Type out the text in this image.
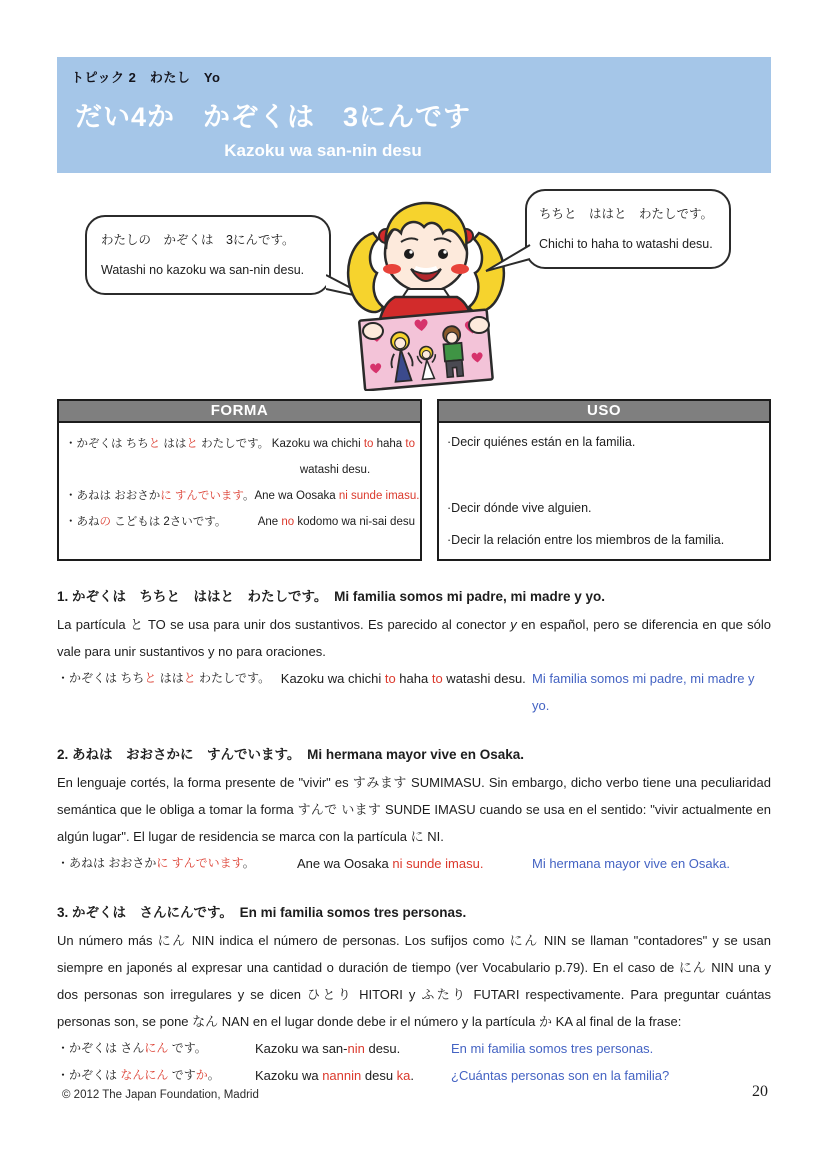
トピック 2　わたし　Yo
だい4か　かぞくは　3にんです
Kazoku wa san-nin desu
わたしの　かぞくは　3にんです。
Watashi no kazoku wa san-nin desu.
ちちと　ははと　わたしです。
Chichi to haha to watashi desu.
FORMA
・かぞくは ちちと ははと わたしです。 Kazoku wa chichi to haha to
watashi desu.
・あねは おおさかに すんでいます。 Ane wa Oosaka ni sunde imasu.
・あねの こどもは 2さいです。	Ane no kodomo wa ni-sai desu
USO
·Decir quiénes están en la familia.
·Decir dónde vive alguien.
·Decir la relación entre los miembros de la familia.
1. かぞくは　ちちと　ははと　わたしです。　Mi familia somos mi padre, mi madre y yo.
La partícula と TO se usa para unir dos sustantivos. Es parecido al conector y en español, pero se diferencia en que sólo vale para unir sustantivos y no para oraciones.
・かぞくは ちちと ははと わたしです。 Kazoku wa chichi to haha to watashi desu. Mi familia somos mi padre, mi madre y yo.
2. あねは　おおさかに　すんでいます。　Mi hermana mayor vive en Osaka.
En lenguaje cortés, la forma presente de "vivir" es すみます SUMIMASU. Sin embargo, dicho verbo tiene una peculiaridad semántica que le obliga a tomar la forma すんで います SUNDE IMASU cuando se usa en el sentido: "vivir actualmente en algún lugar". El lugar de residencia se marca con la partícula に NI.
・あねは おおさかに すんでいます。	Ane wa Oosaka ni sunde imasu.	Mi hermana mayor vive en Osaka.
3. かぞくは　さんにんです。　En mi familia somos tres personas.
Un número más にん NIN indica el número de personas. Los sufijos como にん NIN se llaman "contadores" y se usan siempre en japonés al expresar una cantidad o duración de tiempo (ver Vocabulario p.79). En el caso de にん NIN una y dos personas son irregulares y se dicen ひとり HITORI y ふたり FUTARI respectivamente. Para preguntar cuántas personas son, se pone なん NAN en el lugar donde debe ir el número y la partícula か KA al final de la frase:
・かぞくは さんにん です。	Kazoku wa san-nin desu.	En mi familia somos tres personas.
・かぞくは なんにん ですか。	Kazoku wa nannin desu ka.	¿Cuántas personas son en la familia?
© 2012 The Japan Foundation, Madrid	20
